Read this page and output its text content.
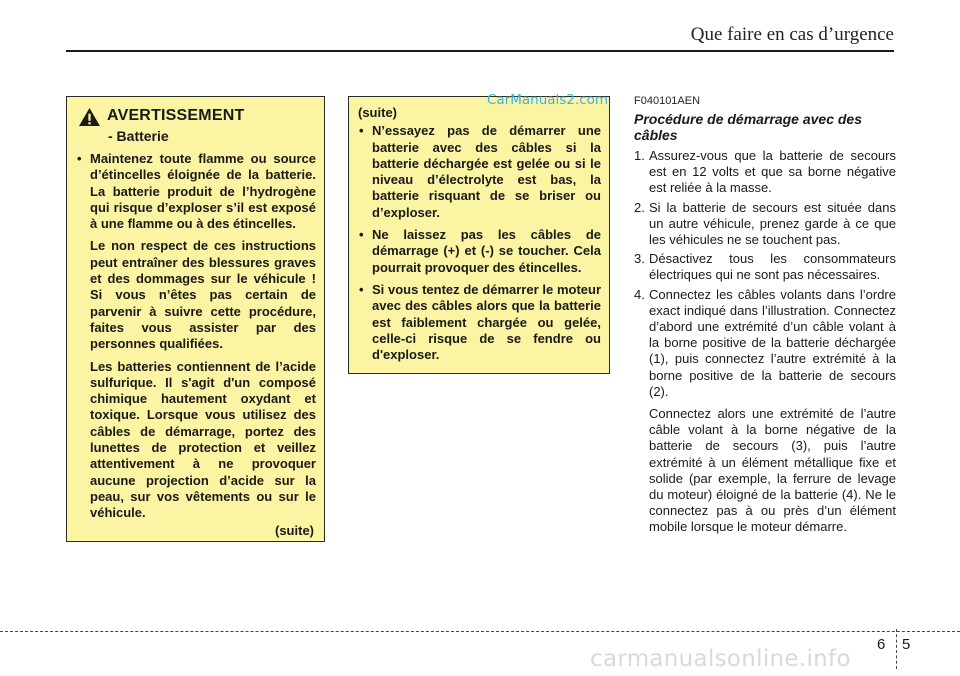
Que faire en cas d’urgence
AVERTISSEMENT
- Batterie
• Maintenez toute flamme ou source d’étincelles éloignée de la batterie. La batterie produit de l’hydrogène qui risque d’exploser s’il est exposé à une flamme ou à des étincelles.
Le non respect de ces instructions peut entraîner des blessures graves et des dommages sur le véhicule ! Si vous n’êtes pas certain de parvenir à suivre cette procédure, faites vous assister par des personnes qualifiées.
Les batteries contiennent de l’acide sulfurique. Il s'agit d'un composé chimique hautement oxydant et toxique. Lorsque vous utilisez des câbles de démarrage, portez des lunettes de protection et veillez attentivement à ne provoquer aucune projection d’acide sur la peau, sur vos vêtements ou sur le véhicule.
(suite)
(suite)
• N’essayez pas de démarrer une batterie avec des câbles si la batterie déchargée est gelée ou si le niveau d’électrolyte est bas, la batterie risquant de se briser ou d’exploser.
• Ne laissez pas les câbles de démarrage (+) et (-) se toucher. Cela pourrait provoquer des étincelles.
• Si vous tentez de démarrer le moteur avec des câbles alors que la batterie est faiblement chargée ou gelée, celle-ci risque de se fendre ou d'exploser.
CarManuals2.com F040101AEN
Procédure de démarrage avec des câbles
1. Assurez-vous que la batterie de secours est en 12 volts et que sa borne négative est reliée à la masse.
2. Si la batterie de secours est située dans un autre véhicule, prenez garde à ce que les véhicules ne se touchent pas.
3. Désactivez tous les consommateurs électriques qui ne sont pas nécessaires.
4. Connectez les câbles volants dans l’ordre exact indiqué dans l’illustration. Connectez d’abord une extrémité d’un câble volant à la borne positive de la batterie déchargée (1), puis connectez l’autre extrémité à la borne positive de la batterie de secours (2).
Connectez alors une extrémité de l’autre câble volant à la borne négative de la batterie de secours (3), puis l’autre extrémité à un élément métallique fixe et solide (par exemple, la ferrure de levage du moteur) éloigné de la batterie (4). Ne le connectez pas à ou près d’un élément mobile lorsque le moteur démarre.
6 5
carmanualsonline.info
